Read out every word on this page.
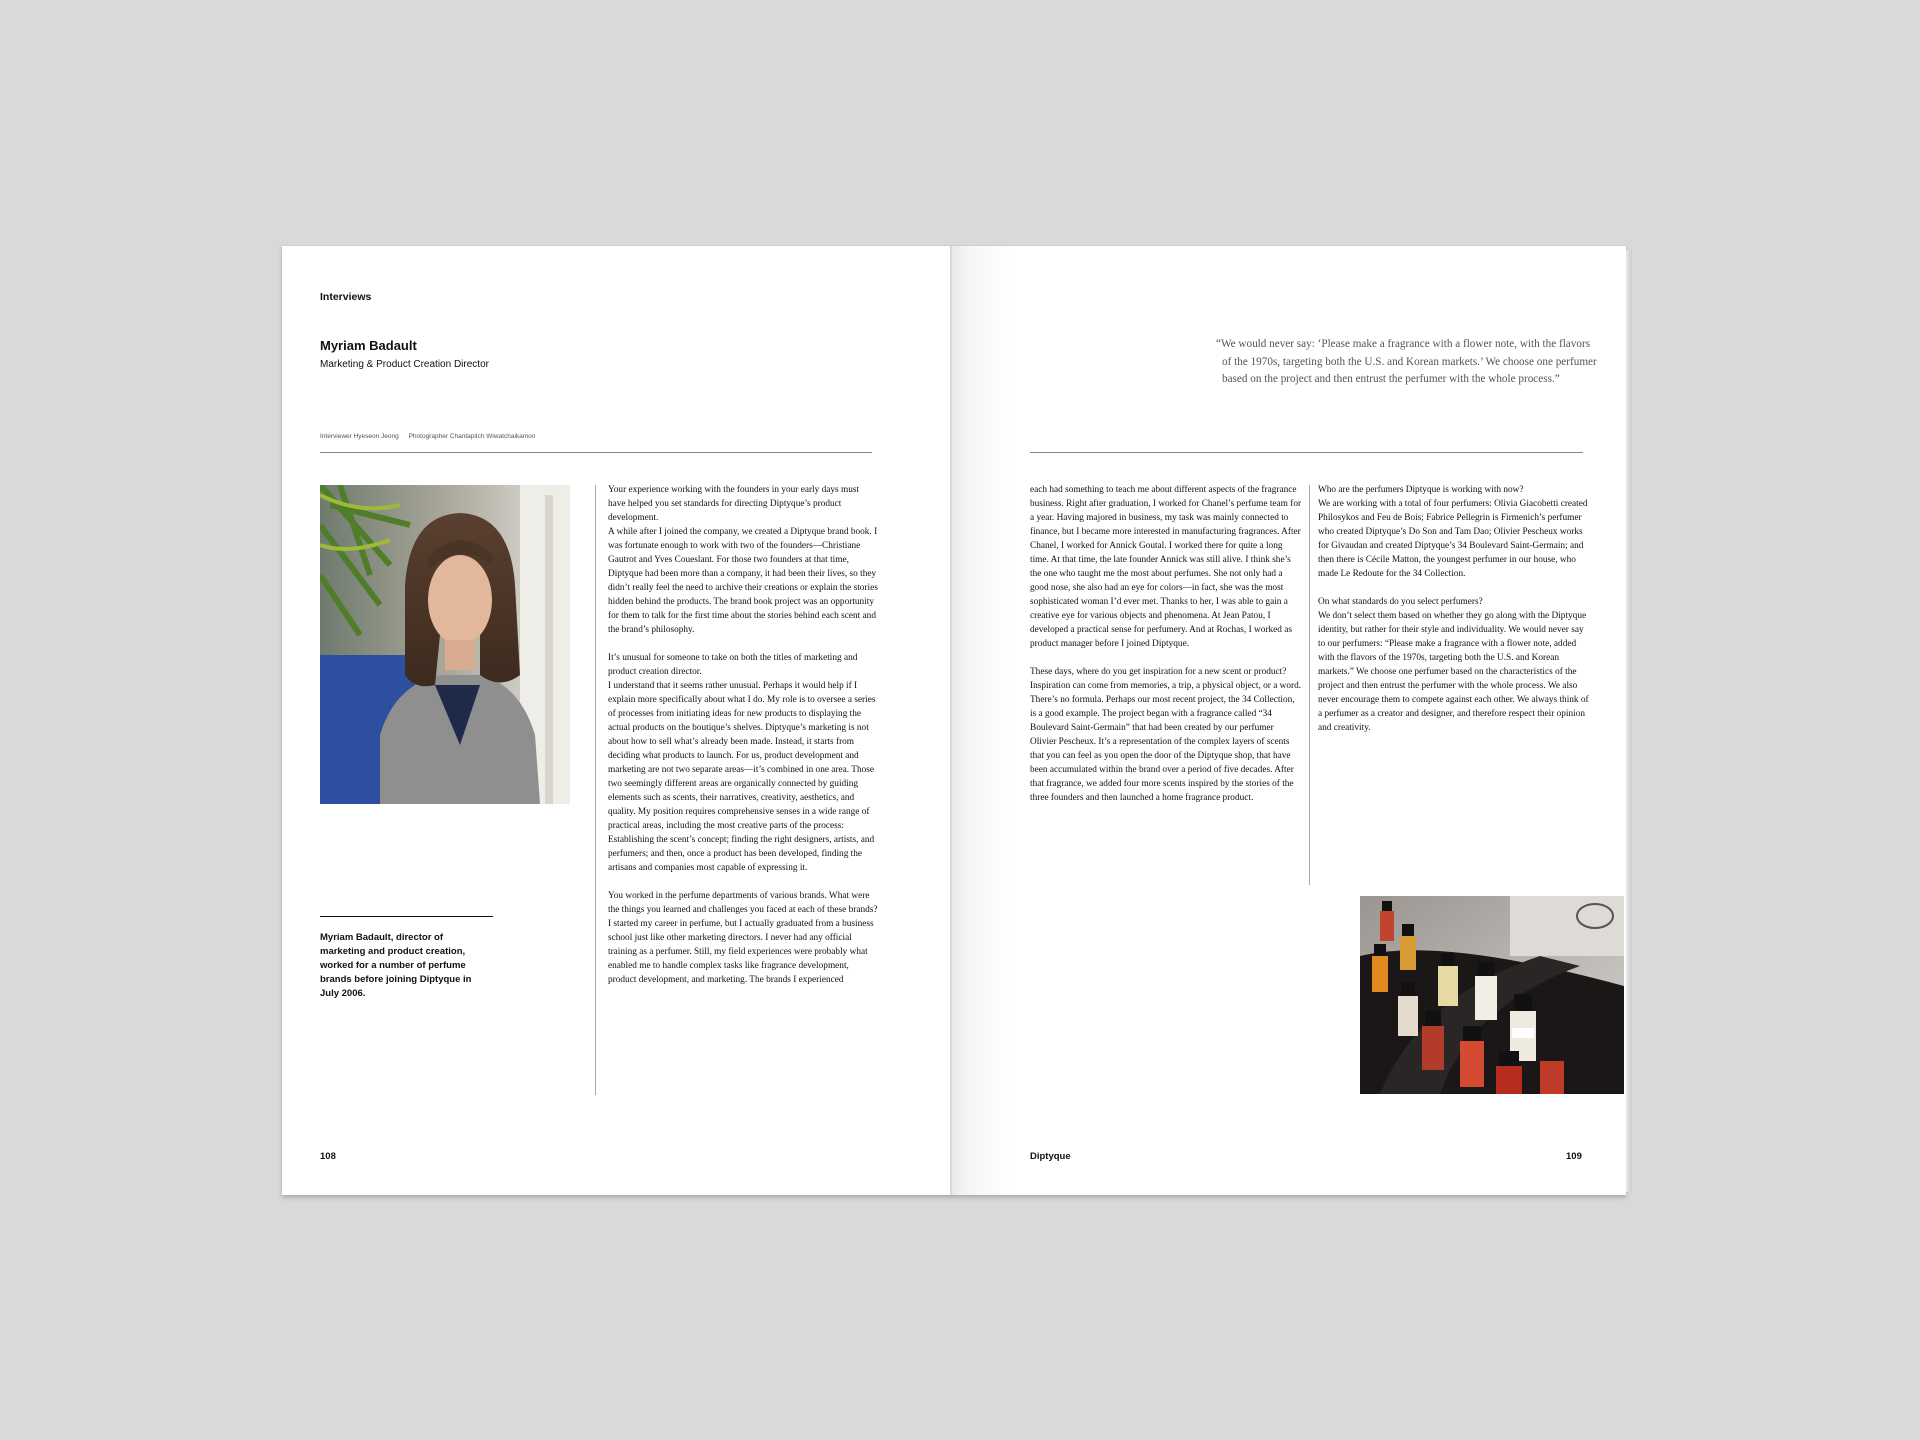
Interviews
Myriam Badault
Marketing & Product Creation Director
Interviewer Hyeseon Jeong Photographer Chantapitch Wiwatchaikamon
Myriam Badault, director of marketing and product creation, worked for a number of perfume brands before joining Diptyque in July 2006.

Your experience working with the founders in your early days must have helped you set standards for directing Diptyque’s product development.
A while after I joined the company, we created a Diptyque brand book. I was fortunate enough to work with two of the founders—Christiane Gautrot and Yves Coueslant. For those two founders at that time, Diptyque had been more than a company, it had been their lives, so they didn’t really feel the need to archive their creations or explain the stories hidden behind the products. The brand book project was an opportunity for them to talk for the first time about the stories behind each scent and the brand’s philosophy.

It’s unusual for someone to take on both the titles of marketing and product creation director.
I understand that it seems rather unusual. Perhaps it would help if I explain more specifically about what I do. My role is to oversee a series of processes from initiating ideas for new products to displaying the actual products on the boutique’s shelves. Diptyque’s marketing is not about how to sell what’s already been made. Instead, it starts from deciding what products to launch. For us, product development and marketing are not two separate areas—it’s combined in one area. Those two seemingly different areas are organically connected by guiding elements such as scents, their narratives, creativity, aesthetics, and quality. My position requires comprehensive senses in a wide range of practical areas, including the most creative parts of the process: Establishing the scent’s concept; finding the right designers, artists, and perfumers; and then, once a product has been developed, finding the artisans and companies most capable of expressing it.

You worked in the perfume departments of various brands. What were the things you learned and challenges you faced at each of these brands?
I started my career in perfume, but I actually graduated from a business school just like other marketing directors. I never had any official training as a perfumer. Still, my field experiences were probably what enabled me to handle complex tasks like fragrance development, product development, and marketing. The brands I experienced

108
“We would never say: ‘Please make a fragrance with a flower note, with the flavors of the 1970s, targeting both the U.S. and Korean markets.’ We choose one perfumer based on the project and then entrust the perfumer with the whole process.”

each had something to teach me about different aspects of the fragrance business. Right after graduation, I worked for Chanel’s perfume team for a year. Having majored in business, my task was mainly connected to finance, but I became more interested in manufacturing fragrances. After Chanel, I worked for Annick Goutal. I worked there for quite a long time. At that time, the late founder Annick was still alive. I think she’s the one who taught me the most about perfumes. She not only had a good nose, she also had an eye for colors—in fact, she was the most sophisticated woman I’d ever met. Thanks to her, I was able to gain a creative eye for various objects and phenomena. At Jean Patou, I developed a practical sense for perfumery. And at Rochas, I worked as product manager before I joined Diptyque.

These days, where do you get inspiration for a new scent or product?
Inspiration can come from memories, a trip, a physical object, or a word. There’s no formula. Perhaps our most recent project, the 34 Collection, is a good example. The project began with a fragrance called “34 Boulevard Saint-Germain” that had been created by our perfumer Olivier Pescheux. It’s a representation of the complex layers of scents that you can feel as you open the door of the Diptyque shop, that have been accumulated within the brand over a period of five decades. After that fragrance, we added four more scents inspired by the stories of the three founders and then launched a home fragrance product.

Who are the perfumers Diptyque is working with now?
We are working with a total of four perfumers: Olivia Giacobetti created Philosykos and Feu de Bois; Fabrice Pellegrin is Firmenich’s perfumer who created Diptyque’s Do Son and Tam Dao; Olivier Pescheux works for Givaudan and created Diptyque’s 34 Boulevard Saint-Germain; and then there is Cécile Matton, the youngest perfumer in our house, who made Le Redoute for the 34 Collection.

On what standards do you select perfumers?
We don’t select them based on whether they go along with the Diptyque identity, but rather for their style and individuality. We would never say to our perfumers: “Please make a fragrance with a flower note, added with the flavors of the 1970s, targeting both the U.S. and Korean markets.” We choose one perfumer based on the characteristics of the project and then entrust the perfumer with the whole process. We also never encourage them to compete against each other. We always think of a perfumer as a creator and designer, and therefore respect their opinion and creativity.

Diptyque	109
